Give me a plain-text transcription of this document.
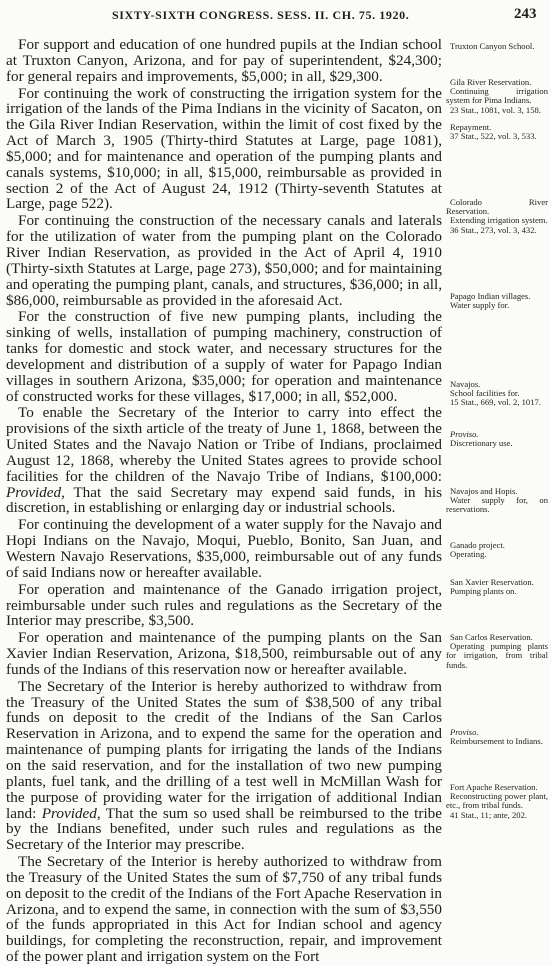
SIXTY-SIXTH CONGRESS. SESS. II. CH. 75. 1920.	243

For support and education of one hundred pupils at the Indian school at Truxton Canyon, Arizona, and for pay of superintendent, $24,300; for general repairs and improvements, $5,000; in all, $29,300.

For continuing the work of constructing the irrigation system for the irrigation of the lands of the Pima Indians in the vicinity of Sacaton, on the Gila River Indian Reservation, within the limit of cost fixed by the Act of March 3, 1905 (Thirty-third Statutes at Large, page 1081), $5,000; and for maintenance and operation of the pumping plants and canals systems, $10,000; in all, $15,000, reimbursable as provided in section 2 of the Act of August 24, 1912 (Thirty-seventh Statutes at Large, page 522).

For continuing the construction of the necessary canals and laterals for the utilization of water from the pumping plant on the Colorado River Indian Reservation, as provided in the Act of April 4, 1910 (Thirty-sixth Statutes at Large, page 273), $50,000; and for maintaining and operating the pumping plant, canals, and structures, $36,000; in all, $86,000, reimbursable as provided in the aforesaid Act.

For the construction of five new pumping plants, including the sinking of wells, installation of pumping machinery, construction of tanks for domestic and stock water, and necessary structures for the development and distribution of a supply of water for Papago Indian villages in southern Arizona, $35,000; for operation and maintenance of constructed works for these villages, $17,000; in all, $52,000.

To enable the Secretary of the Interior to carry into effect the provisions of the sixth article of the treaty of June 1, 1868, between the United States and the Navajo Nation or Tribe of Indians, proclaimed August 12, 1868, whereby the United States agrees to provide school facilities for the children of the Navajo Tribe of Indians, $100,000: Provided, That the said Secretary may expend said funds, in his discretion, in establishing or enlarging day or industrial schools.

For continuing the development of a water supply for the Navajo and Hopi Indians on the Navajo, Moqui, Pueblo, Bonito, San Juan, and Western Navajo Reservations, $35,000, reimbursable out of any funds of said Indians now or hereafter available.

For operation and maintenance of the Ganado irrigation project, reimbursable under such rules and regulations as the Secretary of the Interior may prescribe, $3,500.

For operation and maintenance of the pumping plants on the San Xavier Indian Reservation, Arizona, $18,500, reimbursable out of any funds of the Indians of this reservation now or hereafter available.

The Secretary of the Interior is hereby authorized to withdraw from the Treasury of the United States the sum of $38,500 of any tribal funds on deposit to the credit of the Indians of the San Carlos Reservation in Arizona, and to expend the same for the operation and maintenance of pumping plants for irrigating the lands of the Indians on the said reservation, and for the installation of two new pumping plants, fuel tank, and the drilling of a test well in McMillan Wash for the purpose of providing water for the irrigation of additional Indian land: Provided, That the sum so used shall be reimbursed to the tribe by the Indians benefited, under such rules and regulations as the Secretary of the Interior may prescribe.

The Secretary of the Interior is hereby authorized to withdraw from the Treasury of the United States the sum of $7,750 of any tribal funds on deposit to the credit of the Indians of the Fort Apache Reservation in Arizona, and to expend the same, in connection with the sum of $3,550 of the funds appropriated in this Act for Indian school and agency buildings, for completing the reconstruction, repair, and improvement of the power plant and irrigation system on the Fort

Truxton Canyon School.
Gila River Reservation.
Continuing irrigation system for Pima Indians.
23 Stat., 1081, vol. 3, 158.
Repayment.
37 Stat., 522, vol. 3, 533.
Colorado River Reservation.
Extending irrigation system.
36 Stat., 273, vol. 3, 432.
Papago Indian villages.
Water supply for.
Navajos.
School facilities for.
15 Stat., 669, vol. 2, 1017.
Proviso.
Discretionary use.
Navajos and Hopis.
Water supply for, on reservations.
Ganado project.
Operating.
San Xavier Reservation.
Pumping plants on.
San Carlos Reservation.
Operating pumping plants for irrigation, from tribal funds.
Proviso.
Reimbursement to Indians.
Fort Apache Reservation.
Reconstructing power plant, etc., from tribal funds.
41 Stat., 11; ante, 202.
